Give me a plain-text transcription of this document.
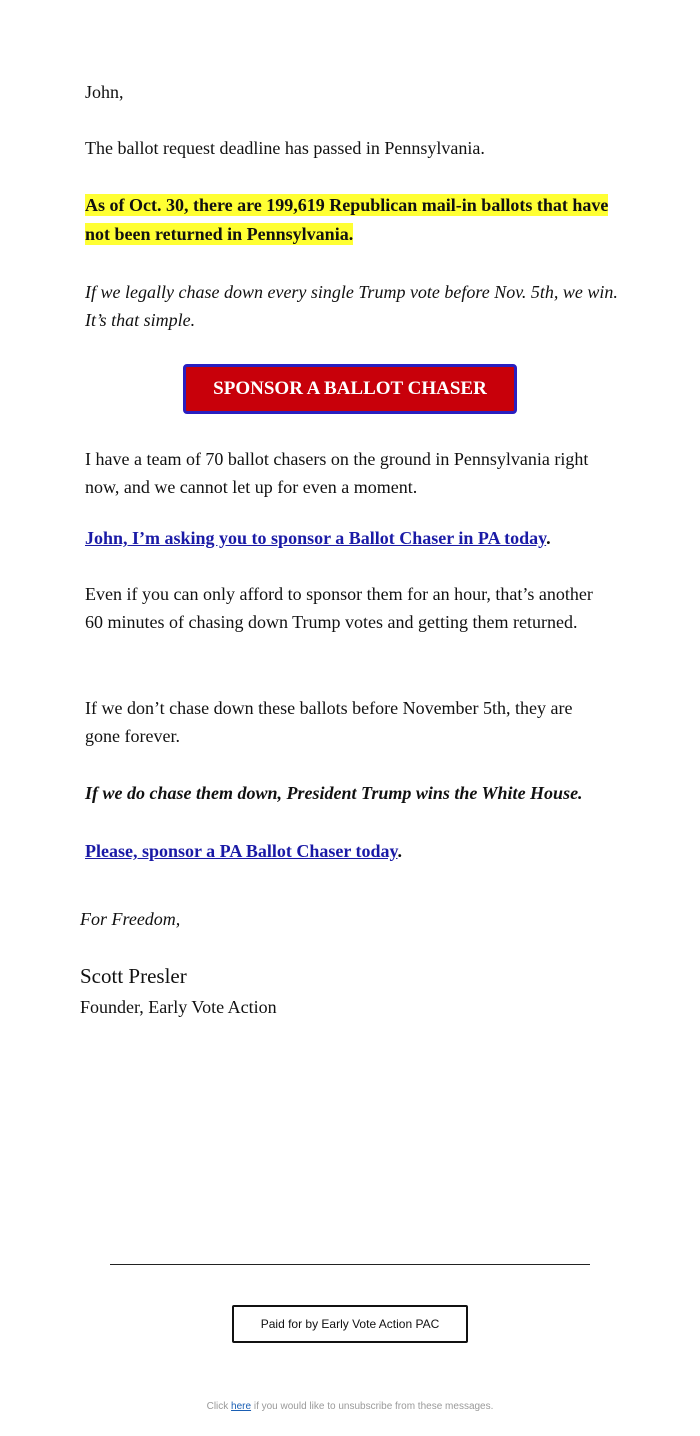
John,

The ballot request deadline has passed in Pennsylvania.

As of Oct. 30, there are 199,619 Republican mail-in ballots that have not been returned in Pennsylvania.

If we legally chase down every single Trump vote before Nov. 5th, we win. It’s that simple.

SPONSOR A BALLOT CHASER

I have a team of 70 ballot chasers on the ground in Pennsylvania right now, and we cannot let up for even a moment.

John, I’m asking you to sponsor a Ballot Chaser in PA today.

Even if you can only afford to sponsor them for an hour, that’s another 60 minutes of chasing down Trump votes and getting them returned.

If we don’t chase down these ballots before November 5th, they are gone forever.

If we do chase them down, President Trump wins the White House.

Please, sponsor a PA Ballot Chaser today.

For Freedom,

Scott Presler

Founder, Early Vote Action

Paid for by Early Vote Action PAC

Click here if you would like to unsubscribe from these messages.
